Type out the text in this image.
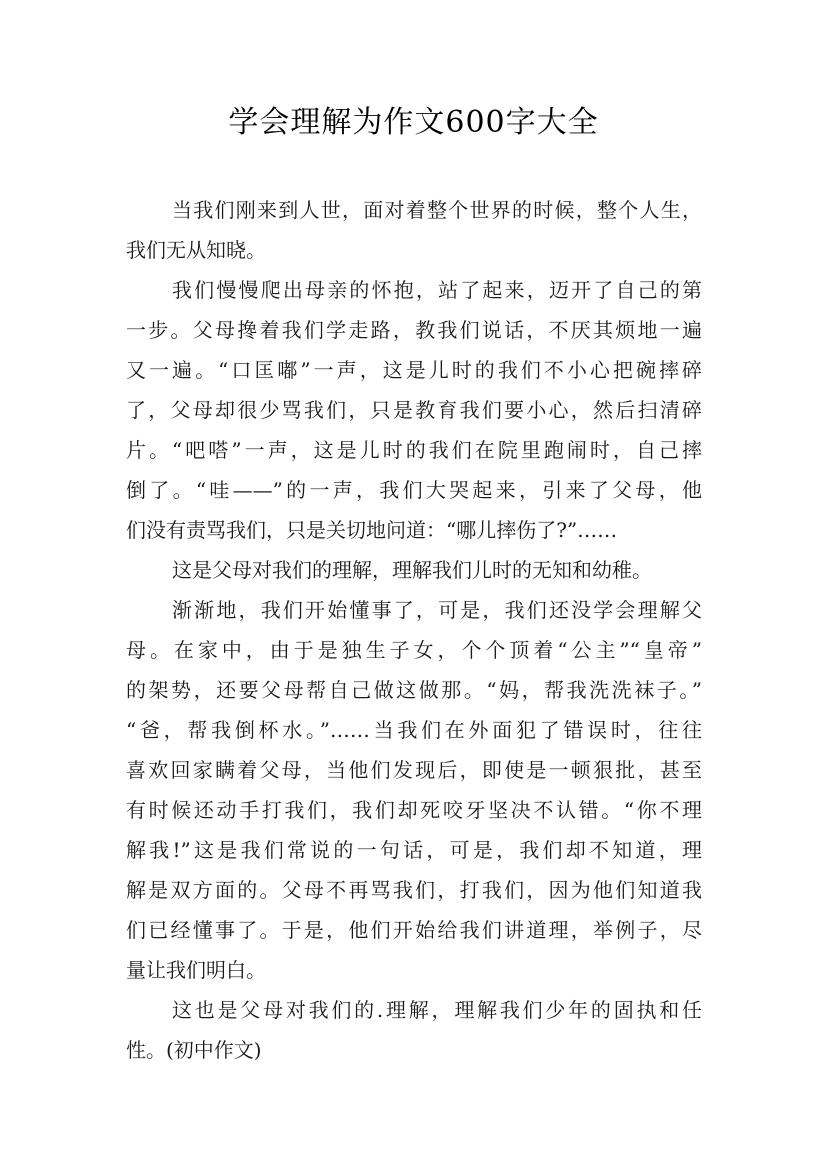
学会理解为作文600字大全
当我们刚来到人世，面对着整个世界的时候，整个人生，
我们无从知晓。
我们慢慢爬出母亲的怀抱，站了起来，迈开了自己的第
一步。父母搀着我们学走路，教我们说话，不厌其烦地一遍
又一遍。“口匡嘟”一声，这是儿时的我们不小心把碗摔碎
了，父母却很少骂我们，只是教育我们要小心，然后扫清碎
片。“吧嗒”一声，这是儿时的我们在院里跑闹时，自己摔
倒了。“哇——”的一声，我们大哭起来，引来了父母，他
们没有责骂我们，只是关切地问道：“哪儿摔伤了?”……
这是父母对我们的理解，理解我们儿时的无知和幼稚。
渐渐地，我们开始懂事了，可是，我们还没学会理解父
母。在家中，由于是独生子女，个个顶着“公主”“皇帝”
的架势，还要父母帮自己做这做那。“妈，帮我洗洗袜子。”
“爸，帮我倒杯水。”……当我们在外面犯了错误时，往往
喜欢回家瞒着父母，当他们发现后，即使是一顿狠批，甚至
有时候还动手打我们，我们却死咬牙坚决不认错。“你不理
解我!”这是我们常说的一句话，可是，我们却不知道，理
解是双方面的。父母不再骂我们，打我们，因为他们知道我
们已经懂事了。于是，他们开始给我们讲道理，举例子，尽
量让我们明白。
这也是父母对我们的.理解，理解我们少年的固执和任
性。(初中作文)
